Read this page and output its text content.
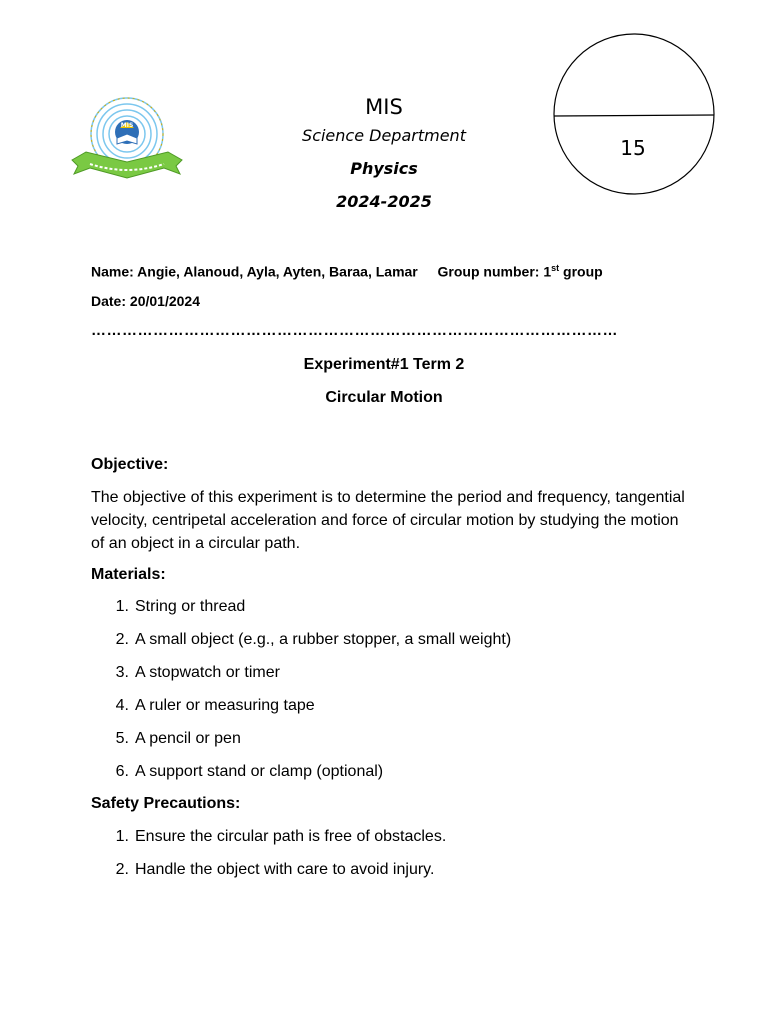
MIS
MIS
Science Department
Physics
2024-2025
15
Name: Angie, Alanoud, Ayla, Ayten, Baraa, Lamar Group number: 1st group
Date: 20/01/2024
…………………………………………………………………………………………
Experiment#1 Term 2
Circular Motion
Objective:
The objective of this experiment is to determine the period and frequency, tangential velocity, centripetal acceleration and force of circular motion by studying the motion of an object in a circular path.
Materials:
1. String or thread
2. A small object (e.g., a rubber stopper, a small weight)
3. A stopwatch or timer
4. A ruler or measuring tape
5. A pencil or pen
6. A support stand or clamp (optional)
Safety Precautions:
1. Ensure the circular path is free of obstacles.
2. Handle the object with care to avoid injury.
